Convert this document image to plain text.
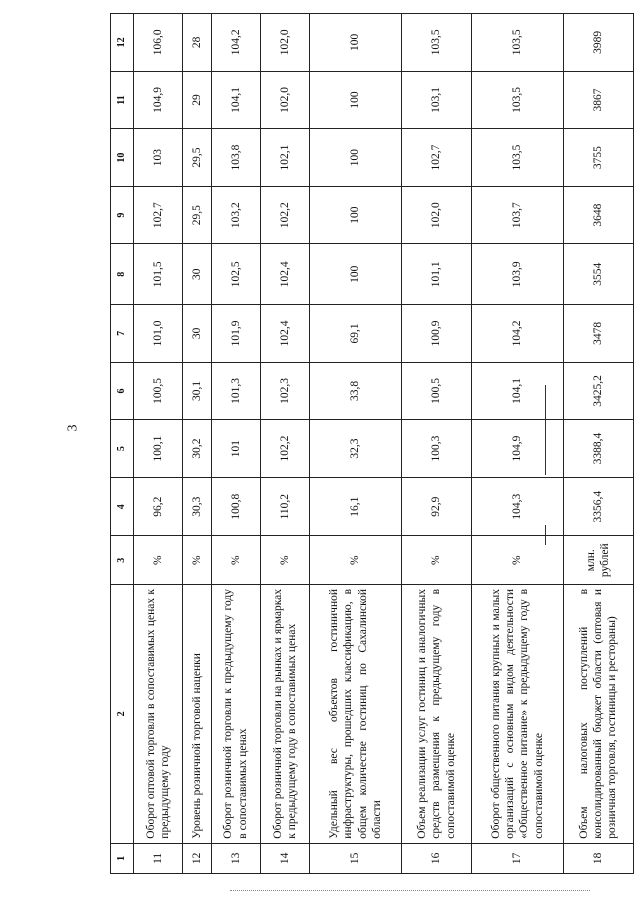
3
1	2	3	4	5	6	7	8	9	10	11	12
11	Оборот оптовой торговли в сопоставимых ценах к предыдущему году	%	96,2	100,1	100,5	101,0	101,5	102,7	103	104,9	106,0
12	Уровень розничной торговой наценки	%	30,3	30,2	30,1	30	30	29,5	29,5	29	28
13	Оборот розничной торговли к предыдущему году в сопоставимых ценах	%	100,8	101	101,3	101,9	102,5	103,2	103,8	104,1	104,2
14	Оборот розничной торговли на рынках и ярмарках к предыдущему году в сопоставимых ценах	%	110,2	102,2	102,3	102,4	102,4	102,2	102,1	102,0	102,0
15	Удельный вес объектов гостиничной инфраструктуры, прошедших классификацию, в общем количестве гостиниц по Сахалинской области	%	16,1	32,3	33,8	69,1	100	100	100	100	100
16	Объем реализации услуг гостиниц и аналогичных средств размещения к предыдущему году в сопоставимой оценке	%	92,9	100,3	100,5	100,9	101,1	102,0	102,7	103,1	103,5
17	Оборот общественного питания крупных и малых организаций с основным видом деятельности «Общественное питание» к предыдущему году в сопоставимой оценке	%	104,3	104,9	104,1	104,2	103,9	103,7	103,5	103,5	103,5
18	Объем налоговых поступлений в консолидированный бюджет области (оптовая и розничная торговля, гостиницы и рестораны)	млн. рублей	3356,4	3388,4	3425,2	3478	3554	3648	3755	3867	3989
